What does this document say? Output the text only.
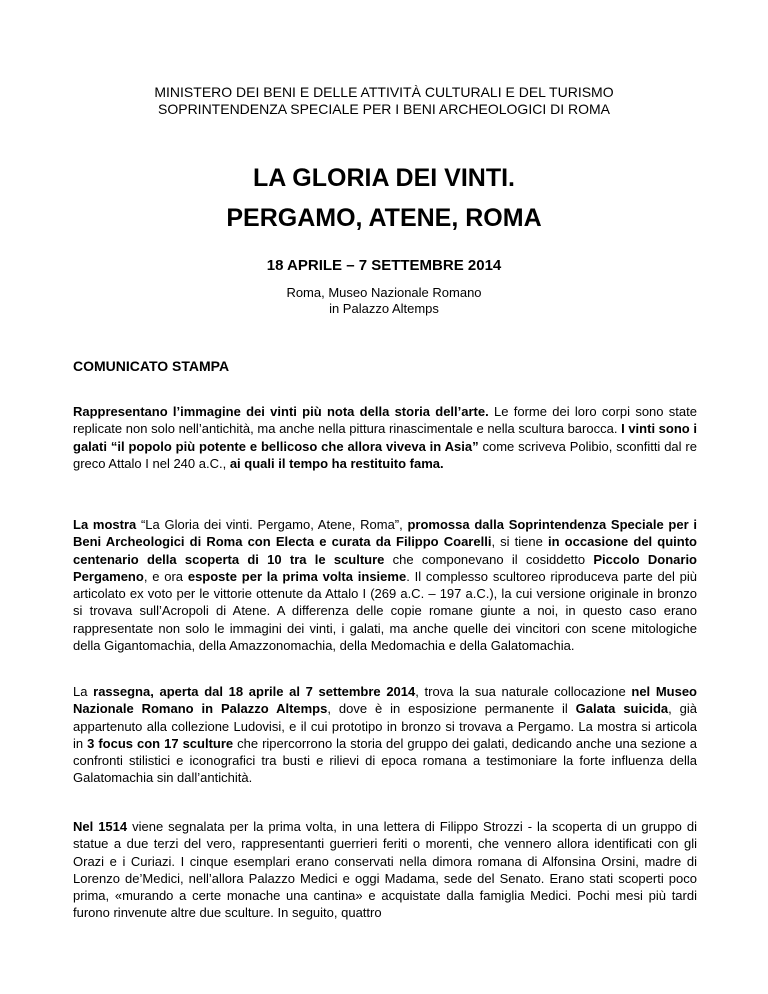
MINISTERO DEI BENI E DELLE ATTIVITÀ CULTURALI E DEL TURISMO
SOPRINTENDENZA SPECIALE PER I BENI ARCHEOLOGICI DI ROMA
LA GLORIA DEI VINTI.
PERGAMO, ATENE, ROMA
18 APRILE – 7 SETTEMBRE 2014
Roma, Museo Nazionale Romano
in Palazzo Altemps
COMUNICATO STAMPA
Rappresentano l’immagine dei vinti più nota della storia dell’arte. Le forme dei loro corpi sono state replicate non solo nell’antichità, ma anche nella pittura rinascimentale e nella scultura barocca. I vinti sono i galati “il popolo più potente e bellicoso che allora viveva in Asia” come scriveva Polibio, sconfitti dal re greco Attalo I nel 240 a.C., ai quali il tempo ha restituito fama.
La mostra “La Gloria dei vinti. Pergamo, Atene, Roma”, promossa dalla Soprintendenza Speciale per i Beni Archeologici di Roma con Electa e curata da Filippo Coarelli, si tiene in occasione del quinto centenario della scoperta di 10 tra le sculture che componevano il cosiddetto Piccolo Donario Pergameno, e ora esposte per la prima volta insieme. Il complesso scultoreo riproduceva parte del più articolato ex voto per le vittorie ottenute da Attalo I (269 a.C. – 197 a.C.), la cui versione originale in bronzo si trovava sull’Acropoli di Atene. A differenza delle copie romane giunte a noi, in questo caso erano rappresentate non solo le immagini dei vinti, i galati, ma anche quelle dei vincitori con scene mitologiche della Gigantomachia, della Amazzonomachia, della Medomachia e della Galatomachia.
La rassegna, aperta dal 18 aprile al 7 settembre 2014, trova la sua naturale collocazione nel Museo Nazionale Romano in Palazzo Altemps, dove è in esposizione permanente il Galata suicida, già appartenuto alla collezione Ludovisi, e il cui prototipo in bronzo si trovava a Pergamo. La mostra si articola in 3 focus con 17 sculture che ripercorrono la storia del gruppo dei galati, dedicando anche una sezione a confronti stilistici e iconografici tra busti e rilievi di epoca romana a testimoniare la forte influenza della Galatomachia sin dall’antichità.
Nel 1514 viene segnalata per la prima volta, in una lettera di Filippo Strozzi - la scoperta di un gruppo di statue a due terzi del vero, rappresentanti guerrieri feriti o morenti, che vennero allora identificati con gli Orazi e i Curiazi. I cinque esemplari erano conservati nella dimora romana di Alfonsina Orsini, madre di Lorenzo de’Medici, nell’allora Palazzo Medici e oggi Madama, sede del Senato. Erano stati scoperti poco prima, «murando a certe monache una cantina» e acquistate dalla famiglia Medici. Pochi mesi più tardi furono rinvenute altre due sculture. In seguito, quattro
